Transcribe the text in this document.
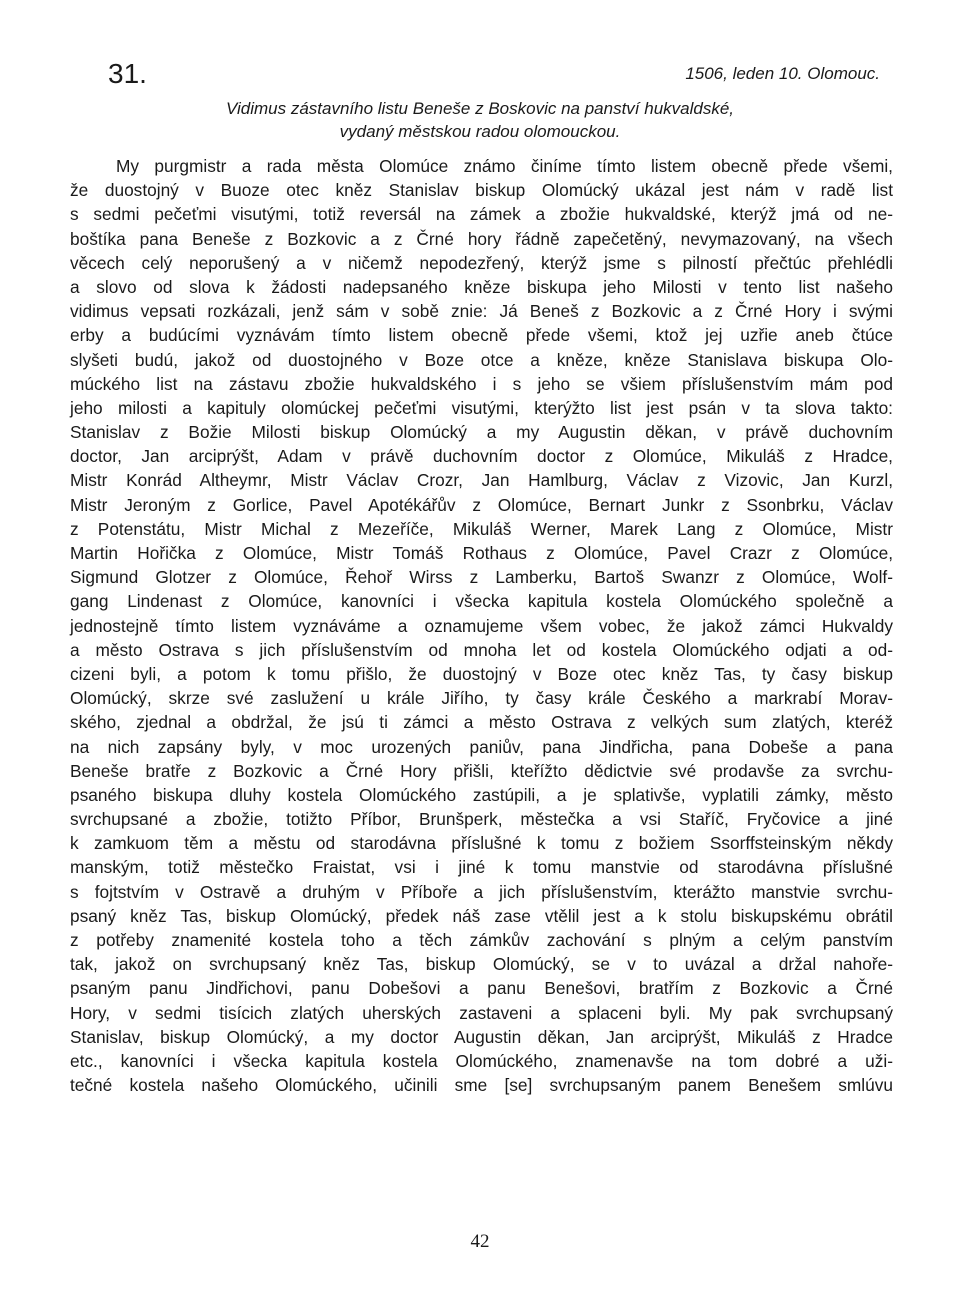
31.	1506, leden 10. Olomouc.
Vidimus zástavního listu Beneše z Boskovic na panství hukvaldské,
vydaný městskou radou olomouckou.
My purgmistr a rada města Olomúce známo činíme tímto listem obecně přede všemi,
že duostojný v Buoze otec kněz Stanislav biskup Olomúcký ukázal jest nám v radě list
s sedmi pečeťmi visutými, totiž reversál na zámek a zbožie hukvaldské, kterýž jmá od ne-
boštíka pana Beneše z Bozkovic a z Črné hory řádně zapečetěný, nevymazovaný, na všech
věcech celý neporušený a v ničemž nepodezřený, kterýž jsme s pilností přečtúc přehlédli
a slovo od slova k žádosti nadepsaného kněze biskupa jeho Milosti v tento list našeho
vidimus vepsati rozkázali, jenž sám v sobě znie: Já Beneš z Bozkovic a z Črné Hory i svými
erby a budúcími vyznávám tímto listem obecně přede všemi, ktož jej uzřie aneb čtúce
slyšeti budú, jakož od duostojného v Boze otce a kněze, kněze Stanislava biskupa Olo-
múckého list na zástavu zbožie hukvaldského i s jeho se všiem příslušenstvím mám pod
jeho milosti a kapituly olomúckej pečeťmi visutými, kterýžto list jest psán v ta slova takto:
Stanislav z Božie Milosti biskup Olomúcký a my Augustin děkan, v právě duchovním
doctor, Jan arciprýšt, Adam v právě duchovním doctor z Olomúce, Mikuláš z Hradce,
Mistr Konrád Altheymr, Mistr Václav Crozr, Jan Hamlburg, Václav z Vizovic, Jan Kurzl,
Mistr Jeroným z Gorlice, Pavel Apotékářův z Olomúce, Bernart Junkr z Ssonbrku, Václav
z Potenstátu, Mistr Michal z Mezeříče, Mikuláš Werner, Marek Lang z Olomúce, Mistr
Martin Hořička z Olomúce, Mistr Tomáš Rothaus z Olomúce, Pavel Crazr z Olomúce,
Sigmund Glotzer z Olomúce, Řehoř Wirss z Lamberku, Bartoš Swanzr z Olomúce, Wolf-
gang Lindenast z Olomúce, kanovníci i všecka kapitula kostela Olomúckého společně a
jednostejně tímto listem vyznáváme a oznamujeme všem vobec, že jakož zámci Hukvaldy
a město Ostrava s jich příslušenstvím od mnoha let od kostela Olomúckého odjati a od-
cizeni byli, a potom k tomu přišlo, že duostojný v Boze otec kněz Tas, ty časy biskup
Olomúcký, skrze své zaslužení u krále Jiřího, ty časy krále Českého a markrabí Morav-
ského, zjednal a obdržal, že jsú ti zámci a město Ostrava z velkých sum zlatých, kteréž
na nich zapsány byly, v moc urozených paniův, pana Jindřicha, pana Dobeše a pana
Beneše bratře z Bozkovic a Črné Hory přišli, kteřížto dědictvie své prodavše za svrchu-
psaného biskupa dluhy kostela Olomúckého zastúpili, a je splativše, vyplatili zámky, město
svrchupsané a zbožie, totižto Příbor, Brunšperk, městečka a vsi Staříč, Fryčovice a jiné
k zamkuom těm a městu od starodávna příslušné k tomu z božiem Ssorffsteinským někdy
manským, totiž městečko Fraistat, vsi i jiné k tomu manstvie od starodávna příslušné
s fojtstvím v Ostravě a druhým v Příboře a jich příslušenstvím, kterážto manstvie svrchu-
psaný kněz Tas, biskup Olomúcký, předek náš zase vtělil jest a k stolu biskupskému obrátil
z potřeby znamenité kostela toho a těch zámkův zachování s plným a celým panstvím
tak, jakož on svrchupsaný kněz Tas, biskup Olomúcký, se v to uvázal a držal nahoře-
psaným panu Jindřichovi, panu Dobešovi a panu Benešovi, bratřím z Bozkovic a Črné
Hory, v sedmi tisícich zlatých uherských zastaveni a splaceni byli. My pak svrchupsaný
Stanislav, biskup Olomúcký, a my doctor Augustin děkan, Jan arciprýšt, Mikuláš z Hradce
etc., kanovníci i všecka kapitula kostela Olomúckého, znamenavše na tom dobré a uži-
tečné kostela našeho Olomúckého, učinili sme [se] svrchupsaným panem Benešem smlúvu
42
